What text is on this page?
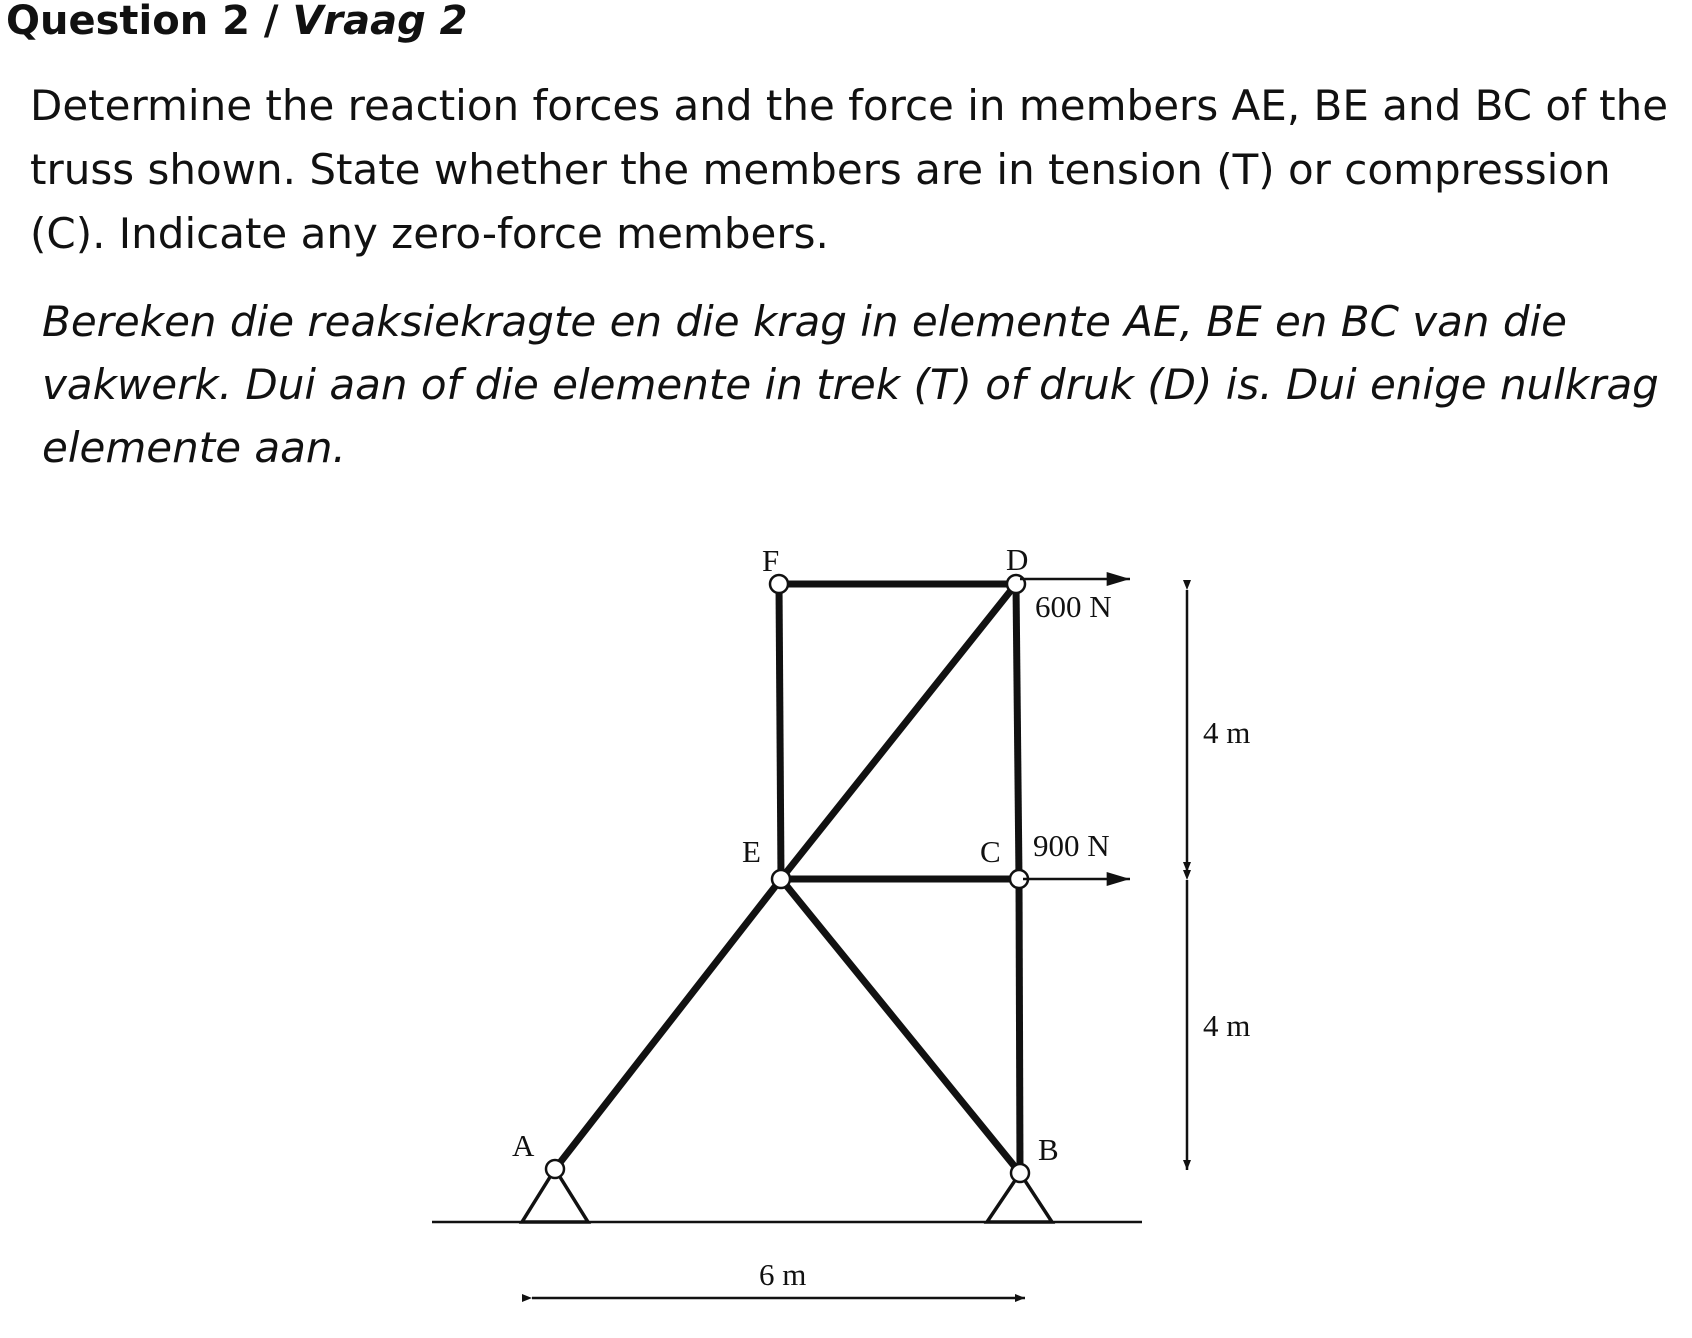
Question 2 / Vraag 2

Determine the reaction forces and the force in members AE, BE and BC of the truss shown. State whether the members are in tension (T) or compression (C). Indicate any zero-force members.

Bereken die reaksiekragte en die krag in elemente AE, BE en BC van die vakwerk. Dui aan of die elemente in trek (T) of druk (D) is. Dui enige nulkrag elemente aan.

F	D
E	C
A	B
600 N
900 N
4 m
4 m
6 m
